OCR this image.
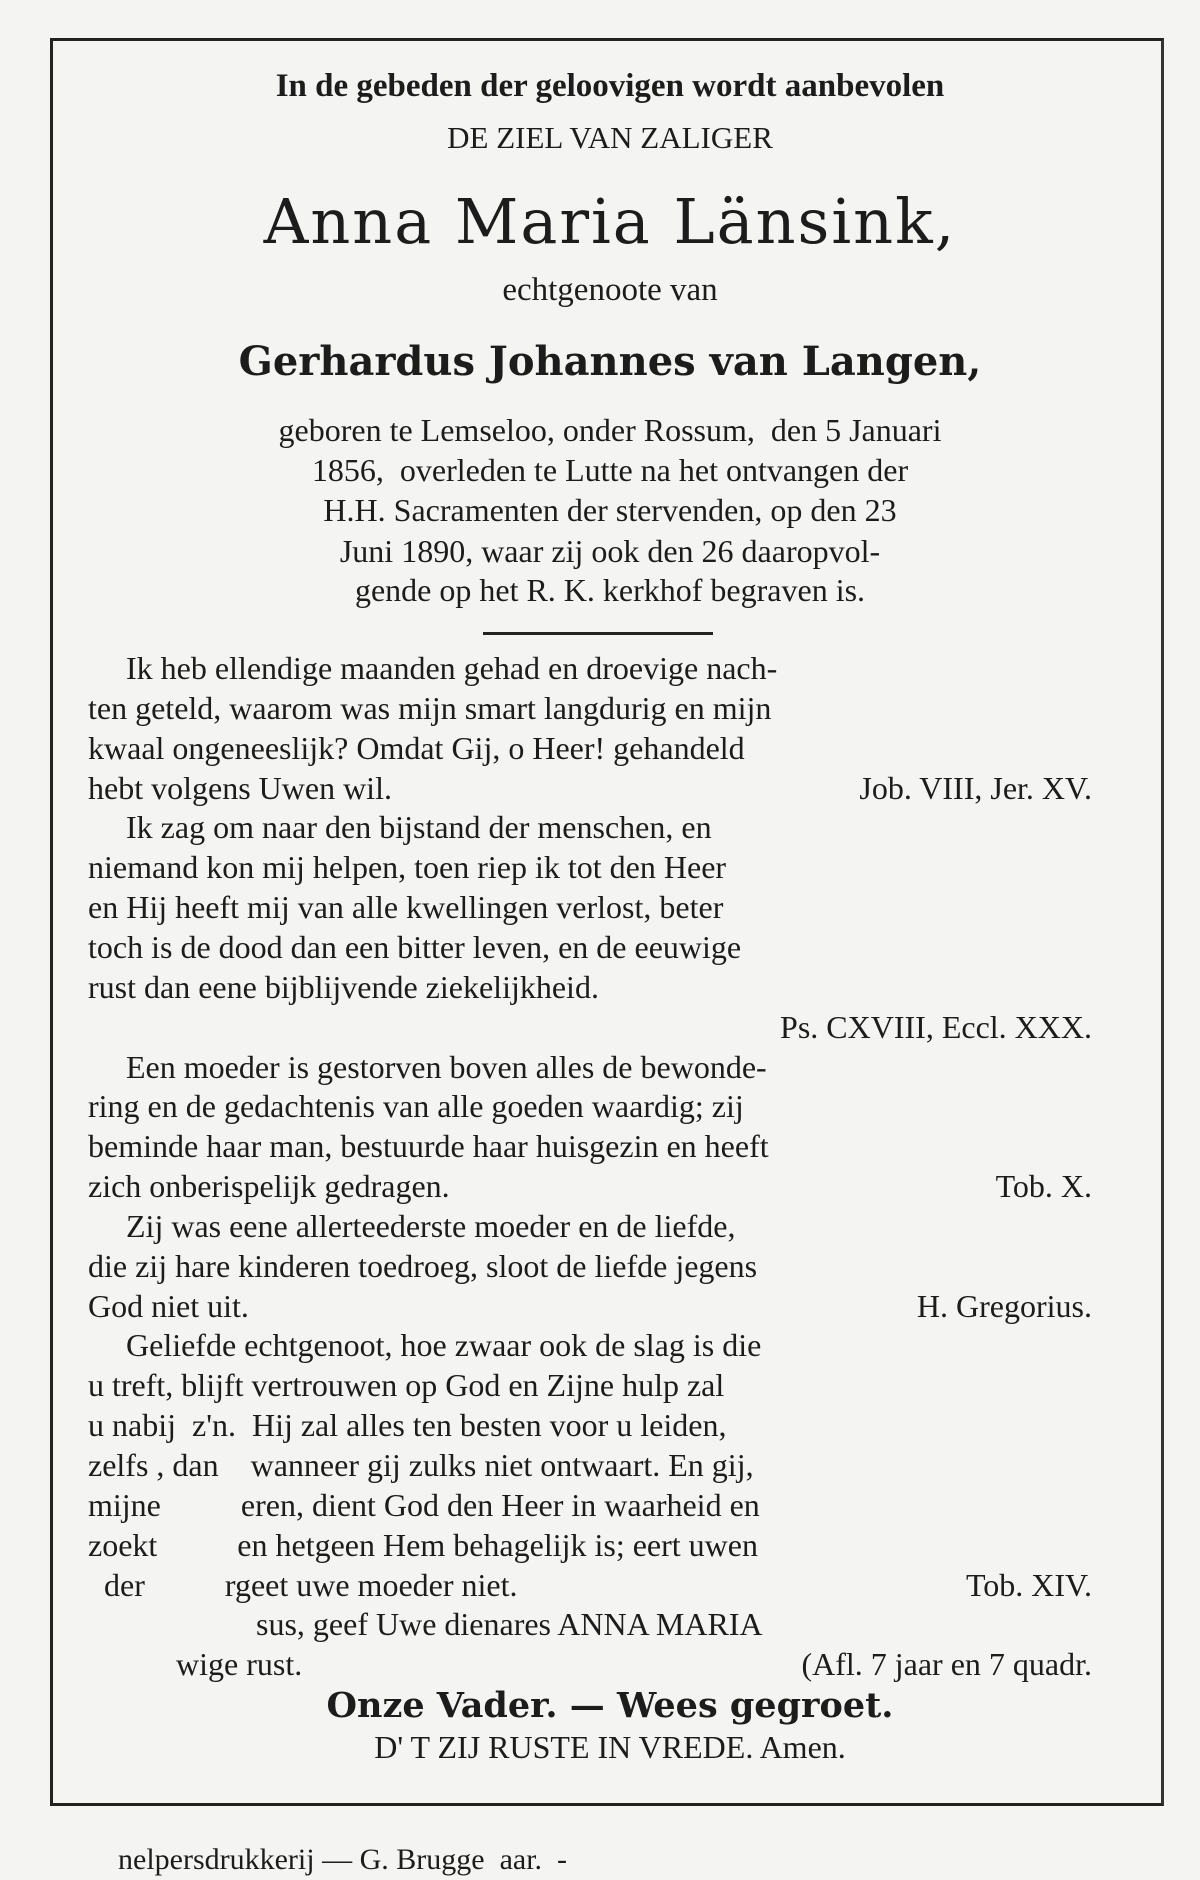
In de gebeden der geloovigen wordt aanbevolen
DE ZIEL VAN ZALIGER
Anna Maria Länsink,
echtgenoote van
Gerhardus Johannes van Langen,
geboren te Lemseloo, onder Rossum,  den 5 Januari
1856,  overleden te Lutte na het ontvangen der
H.H. Sacramenten der stervenden, op den 23
Juni 1890, waar zij ook den 26 daaropvol-
gende op het R. K. kerkhof begraven is.
Ik heb ellendige maanden gehad en droevige nach-
ten geteld, waarom was mijn smart langdurig en mijn
kwaal ongeneeslijk? Omdat Gij, o Heer! gehandeld
hebt volgens Uwen wil.	Job. VIII, Jer. XV.
Ik zag om naar den bijstand der menschen, en
niemand kon mij helpen, toen riep ik tot den Heer
en Hij heeft mij van alle kwellingen verlost, beter
toch is de dood dan een bitter leven, en de eeuwige
rust dan eene bijblijvende ziekelijkheid.
Ps. CXVIII, Eccl. XXX.
Een moeder is gestorven boven alles de bewonde-
ring en de gedachtenis van alle goeden waardig; zij
beminde haar man, bestuurde haar huisgezin en heeft
zich onberispelijk gedragen.	Tob. X.
Zij was eene allerteederste moeder en de liefde,
die zij hare kinderen toedroeg, sloot de liefde jegens
God niet uit.	H. Gregorius.
Geliefde echtgenoot, hoe zwaar ook de slag is die
u treft, blijft vertrouwen op God en Zijne hulp zal
u nabij  z'n.  Hij zal alles ten besten voor u leiden,
zelfs , dan    wanneer gij zulks niet ontwaart. En gij,
mijne          eren, dient God den Heer in waarheid en
zoekt          en hetgeen Hem behagelijk is; eert uwen
der          rgeet uwe moeder niet.	Tob. XIV.
sus, geef Uwe dienares ANNA MARIA
wige rust.	(Afl. 7 jaar en 7 quadr.
Onze Vader. — Wees gegroet.
D' T ZIJ RUSTE IN VREDE. Amen.
nelpersdrukkerij — G. Brugge  aar.  -
